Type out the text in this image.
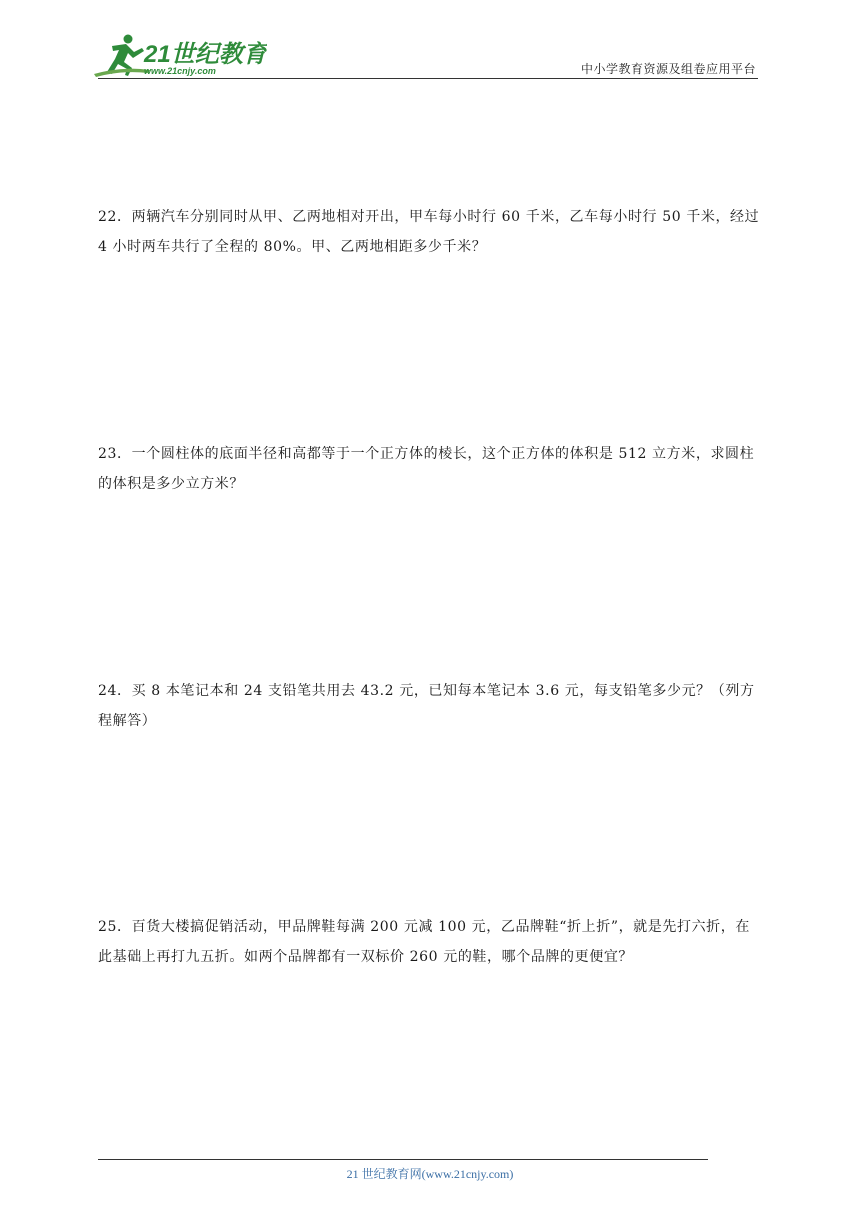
21世纪教育
www.21cnjy.com	中小学教育资源及组卷应用平台
22．两辆汽车分别同时从甲、乙两地相对开出，甲车每小时行 60 千米，乙车每小时行 50 千米，经过 4 小时两车共行了全程的 80%。甲、乙两地相距多少千米？
23．一个圆柱体的底面半径和高都等于一个正方体的棱长，这个正方体的体积是 512 立方米，求圆柱的体积是多少立方米？
24．买 8 本笔记本和 24 支铅笔共用去 43.2 元，已知每本笔记本 3.6 元，每支铅笔多少元？（列方程解答）
25．百货大楼搞促销活动，甲品牌鞋每满 200 元减 100 元，乙品牌鞋“折上折”，就是先打六折，在此基础上再打九五折。如两个品牌都有一双标价 260 元的鞋，哪个品牌的更便宜？
21 世纪教育网(www.21cnjy.com)
